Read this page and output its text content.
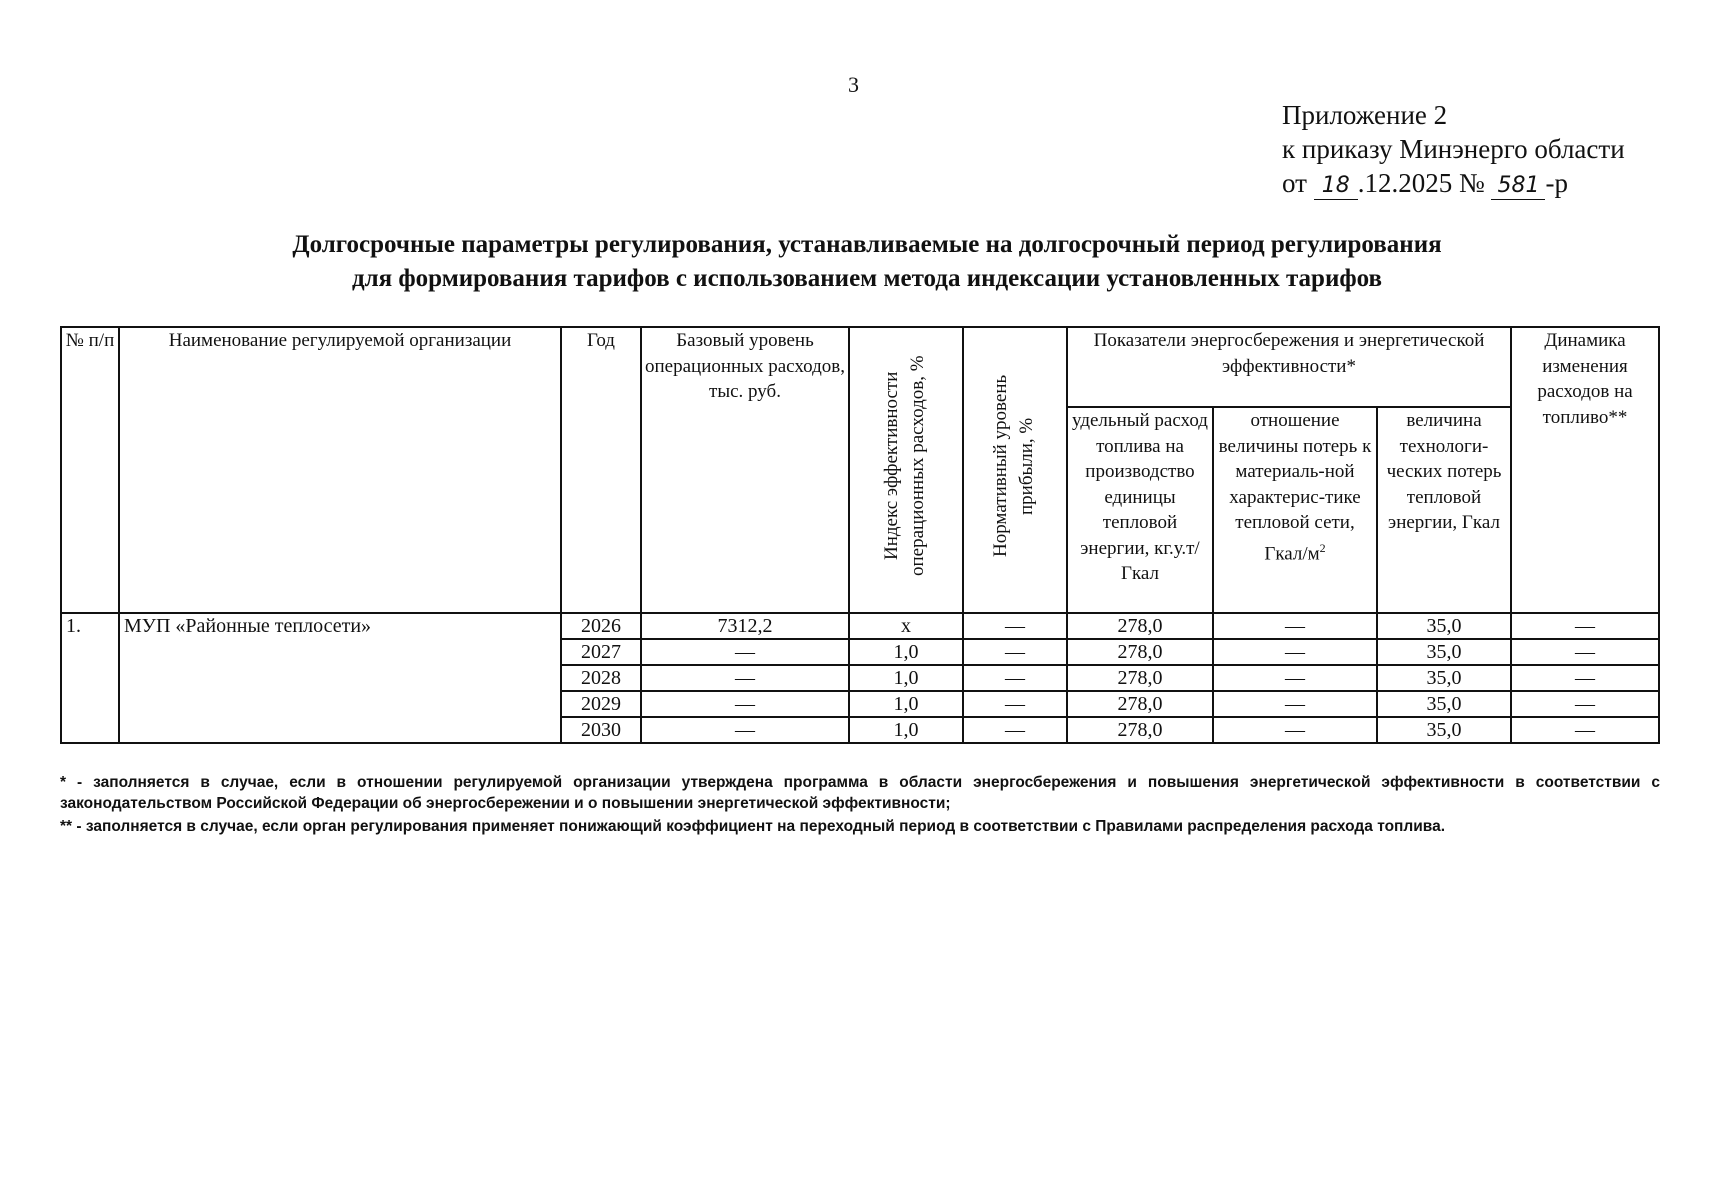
3
Приложение 2
к приказу Минэнерго области
от 18 .12.2025 № 581 -р
Долгосрочные параметры регулирования, устанавливаемые на долгосрочный период регулирования
для формирования тарифов с использованием метода индексации установленных тарифов
№ п/п	Наименование регулируемой организации	Год	Базовый уровень операционных расходов, тыс. руб.	Индекс эффективности операционных расходов, %	Нормативный уровень прибыли, %	Показатели энергосбережения и энергетической эффективности*			Динамика изменения расходов на топливо**
						удельный расход топлива на производство единицы тепловой энергии, кг.у.т/Гкал	отношение величины потерь к материаль-ной характерис-тике тепловой сети, Гкал/$м^2$	величина технологи-ческих потерь тепловой энергии, Гкал	
1.	МУП «Районные теплосети»	2026	7312,2	х	—	278,0	—	35,0	—
		2027	—	1,0	—	278,0	—	35,0	—
		2028	—	1,0	—	278,0	—	35,0	—
		2029	—	1,0	—	278,0	—	35,0	—
		2030	—	1,0	—	278,0	—	35,0	—

* - заполняется в случае, если в отношении регулируемой организации утверждена программа в области энергосбережения и повышения энергетической эффективности в соответствии с законодательством Российской Федерации об энергосбережении и о повышении энергетической эффективности;

** - заполняется в случае, если орган регулирования применяет понижающий коэффициент на переходный период в соответствии с Правилами распределения расхода топлива.
